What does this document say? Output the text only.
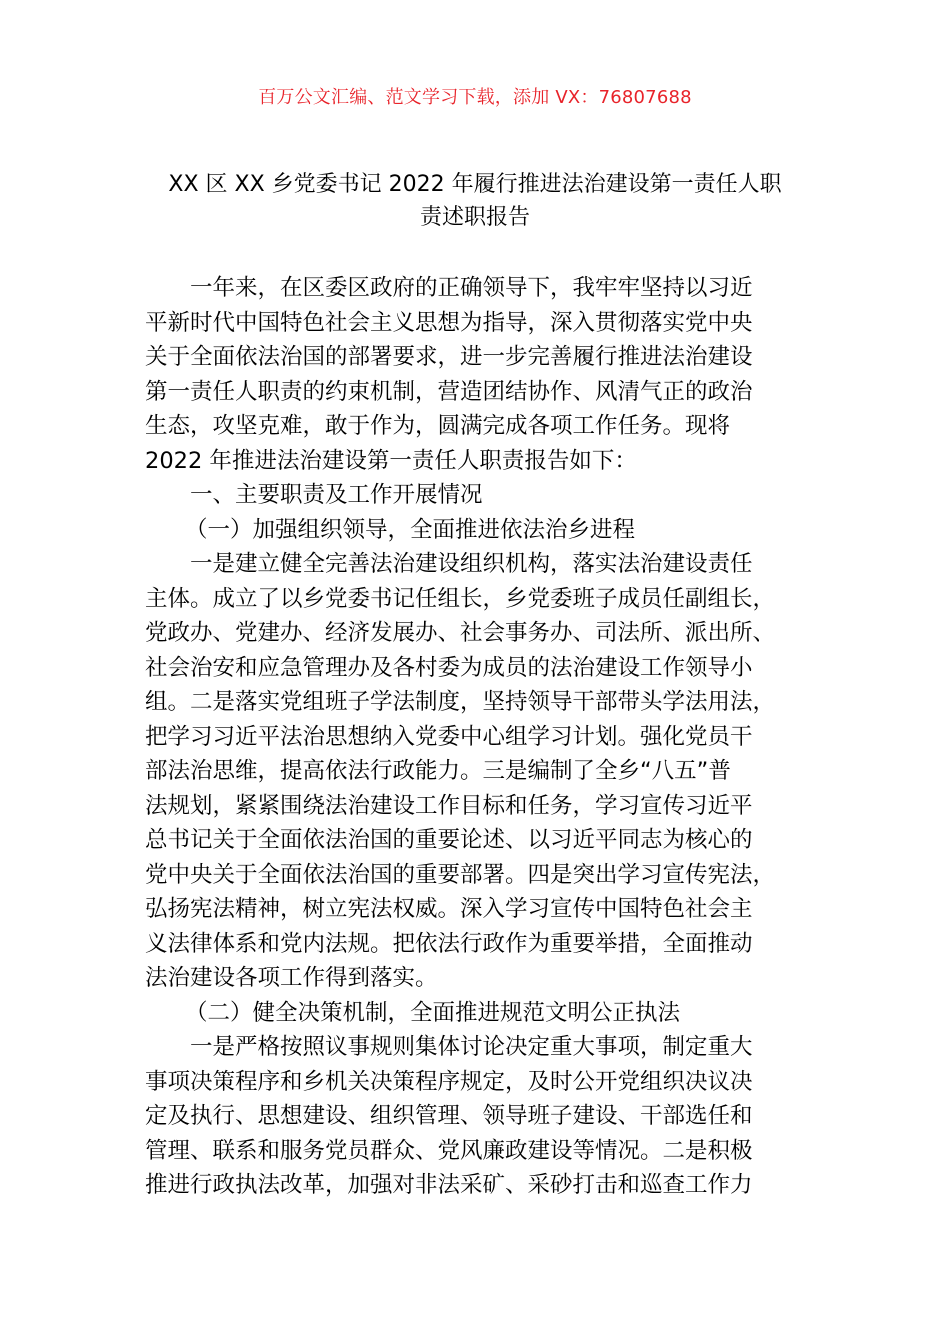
百万公文汇编、范文学习下载，添加 VX：76807688
XX 区 XX 乡党委书记 2022 年履行推进法治建设第一责任人职
责述职报告
一年来，在区委区政府的正确领导下，我牢牢坚持以习近
平新时代中国特色社会主义思想为指导，深入贯彻落实党中央
关于全面依法治国的部署要求，进一步完善履行推进法治建设
第一责任人职责的约束机制，营造团结协作、风清气正的政治
生态，攻坚克难，敢于作为，圆满完成各项工作任务。现将
2022 年推进法治建设第一责任人职责报告如下：
一、主要职责及工作开展情况
（一）加强组织领导，全面推进依法治乡进程
一是建立健全完善法治建设组织机构，落实法治建设责任
主体。成立了以乡党委书记任组长，乡党委班子成员任副组长，
党政办、党建办、经济发展办、社会事务办、司法所、派出所、
社会治安和应急管理办及各村委为成员的法治建设工作领导小
组。二是落实党组班子学法制度，坚持领导干部带头学法用法，
把学习习近平法治思想纳入党委中心组学习计划。强化党员干
部法治思维，提高依法行政能力。三是编制了全乡“八五”普
法规划，紧紧围绕法治建设工作目标和任务，学习宣传习近平
总书记关于全面依法治国的重要论述、以习近平同志为核心的
党中央关于全面依法治国的重要部署。四是突出学习宣传宪法，
弘扬宪法精神，树立宪法权威。深入学习宣传中国特色社会主
义法律体系和党内法规。把依法行政作为重要举措，全面推动
法治建设各项工作得到落实。
（二）健全决策机制，全面推进规范文明公正执法
一是严格按照议事规则集体讨论决定重大事项，制定重大
事项决策程序和乡机关决策程序规定，及时公开党组织决议决
定及执行、思想建设、组织管理、领导班子建设、干部选任和
管理、联系和服务党员群众、党风廉政建设等情况。二是积极
推进行政执法改革，加强对非法采矿、采砂打击和巡查工作力
